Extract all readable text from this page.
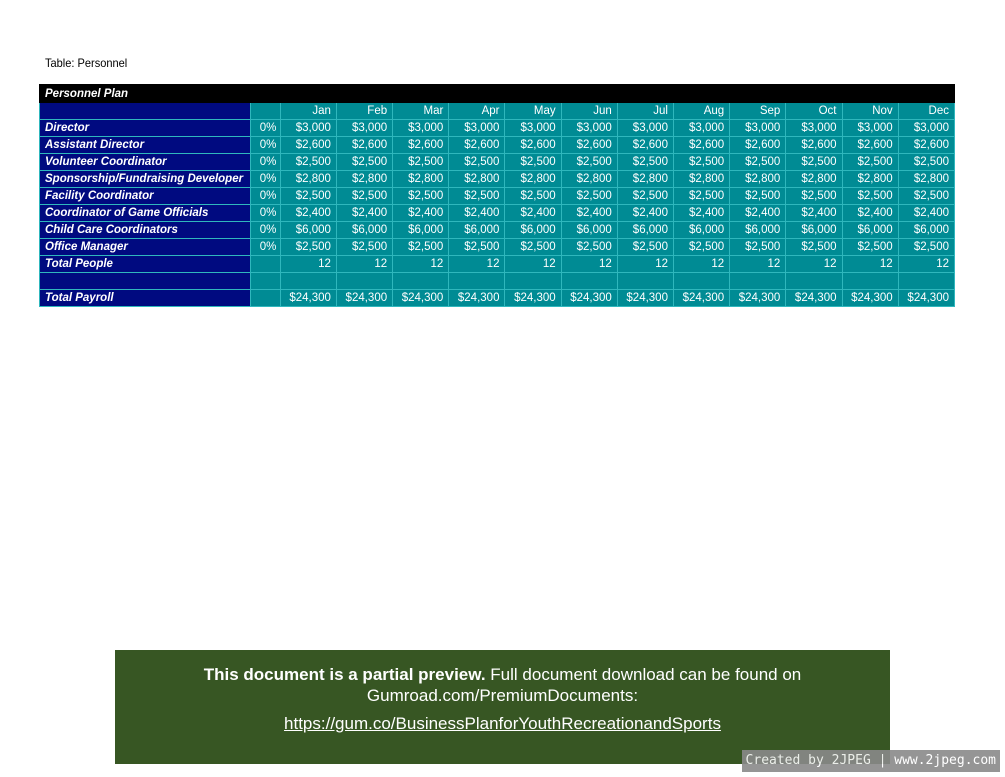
Table: Personnel
Personnel Plan													
		Jan	Feb	Mar	Apr	May	Jun	Jul	Aug	Sep	Oct	Nov	Dec
Director	0%	$3,000	$3,000	$3,000	$3,000	$3,000	$3,000	$3,000	$3,000	$3,000	$3,000	$3,000	$3,000
Assistant Director	0%	$2,600	$2,600	$2,600	$2,600	$2,600	$2,600	$2,600	$2,600	$2,600	$2,600	$2,600	$2,600
Volunteer Coordinator	0%	$2,500	$2,500	$2,500	$2,500	$2,500	$2,500	$2,500	$2,500	$2,500	$2,500	$2,500	$2,500
Sponsorship/Fundraising Developer	0%	$2,800	$2,800	$2,800	$2,800	$2,800	$2,800	$2,800	$2,800	$2,800	$2,800	$2,800	$2,800
Facility Coordinator	0%	$2,500	$2,500	$2,500	$2,500	$2,500	$2,500	$2,500	$2,500	$2,500	$2,500	$2,500	$2,500
Coordinator of Game Officials	0%	$2,400	$2,400	$2,400	$2,400	$2,400	$2,400	$2,400	$2,400	$2,400	$2,400	$2,400	$2,400
Child Care Coordinators	0%	$6,000	$6,000	$6,000	$6,000	$6,000	$6,000	$6,000	$6,000	$6,000	$6,000	$6,000	$6,000
Office Manager	0%	$2,500	$2,500	$2,500	$2,500	$2,500	$2,500	$2,500	$2,500	$2,500	$2,500	$2,500	$2,500
Total People		12	12	12	12	12	12	12	12	12	12	12	12

Total Payroll		$24,300	$24,300	$24,300	$24,300	$24,300	$24,300	$24,300	$24,300	$24,300	$24,300	$24,300	$24,300
This document is a partial preview. Full document download can be found on
Gumroad.com/PremiumDocuments:
https://gum.co/BusinessPlanforYouthRecreationandSports
Created by 2JPEG | www.2jpeg.com
